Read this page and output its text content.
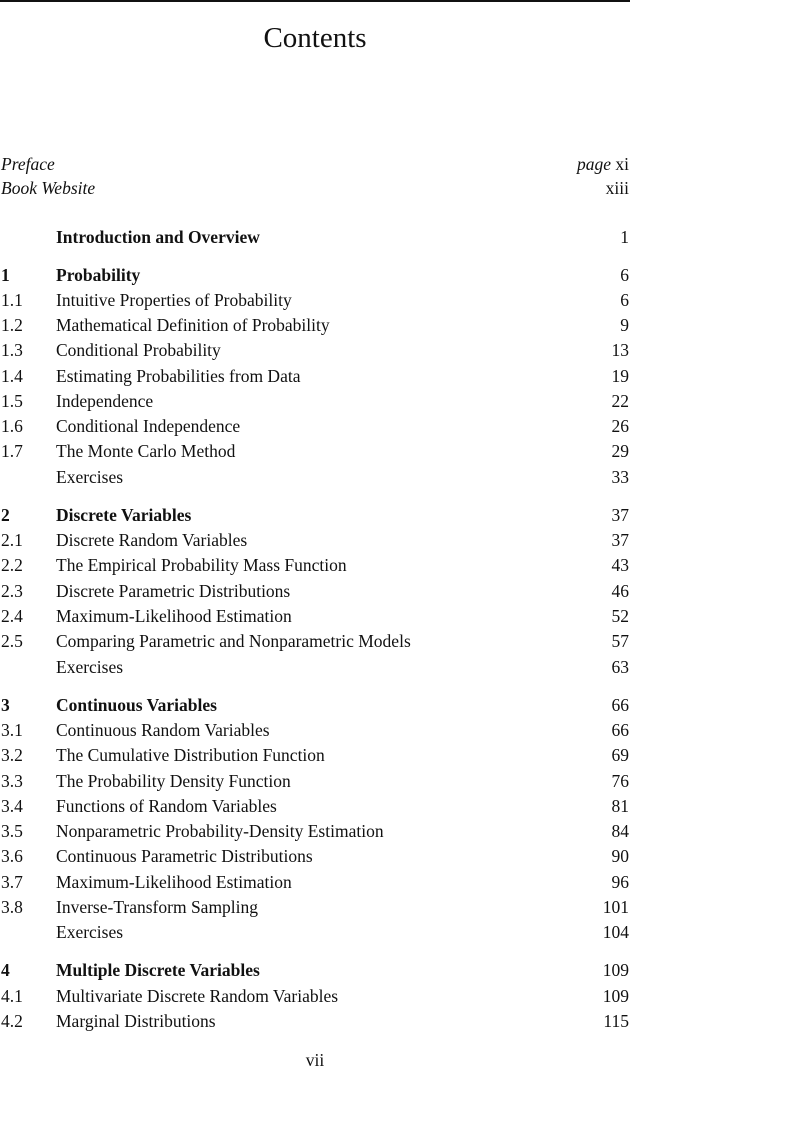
Contents
Preface	page xi
Book Website	xiii
Introduction and Overview	1
1	Probability	6
1.1 Intuitive Properties of Probability	6
1.2 Mathematical Definition of Probability	9
1.3 Conditional Probability	13
1.4 Estimating Probabilities from Data	19
1.5 Independence	22
1.6 Conditional Independence	26
1.7 The Monte Carlo Method	29
Exercises	33
2	Discrete Variables	37
2.1 Discrete Random Variables	37
2.2 The Empirical Probability Mass Function	43
2.3 Discrete Parametric Distributions	46
2.4 Maximum-Likelihood Estimation	52
2.5 Comparing Parametric and Nonparametric Models	57
Exercises	63
3	Continuous Variables	66
3.1 Continuous Random Variables	66
3.2 The Cumulative Distribution Function	69
3.3 The Probability Density Function	76
3.4 Functions of Random Variables	81
3.5 Nonparametric Probability-Density Estimation	84
3.6 Continuous Parametric Distributions	90
3.7 Maximum-Likelihood Estimation	96
3.8 Inverse-Transform Sampling	101
Exercises	104
4	Multiple Discrete Variables	109
4.1 Multivariate Discrete Random Variables	109
4.2 Marginal Distributions	115
vii
